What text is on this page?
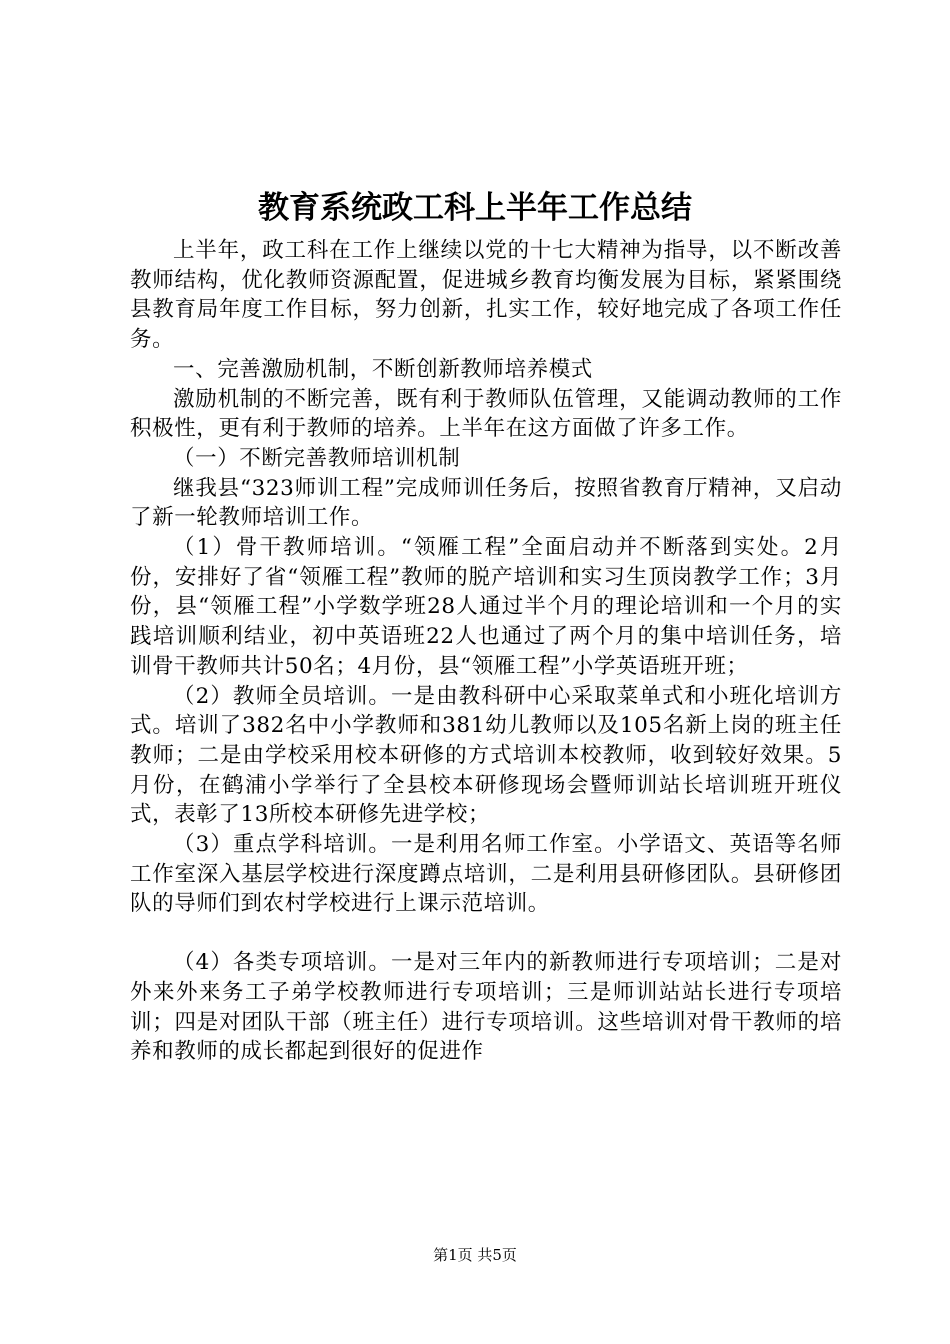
教育系统政工科上半年工作总结

上半年，政工科在工作上继续以党的十七大精神为指导，以不断改善教师结构，优化教师资源配置，促进城乡教育均衡发展为目标，紧紧围绕县教育局年度工作目标，努力创新，扎实工作，较好地完成了各项工作任务。

一、完善激励机制，不断创新教师培养模式

激励机制的不断完善，既有利于教师队伍管理，又能调动教师的工作积极性，更有利于教师的培养。上半年在这方面做了许多工作。

（一）不断完善教师培训机制

继我县“323师训工程”完成师训任务后，按照省教育厅精神，又启动了新一轮教师培训工作。

（1）骨干教师培训。“领雁工程”全面启动并不断落到实处。2月份，安排好了省“领雁工程”教师的脱产培训和实习生顶岗教学工作；3月份，县“领雁工程”小学数学班28人通过半个月的理论培训和一个月的实践培训顺利结业，初中英语班22人也通过了两个月的集中培训任务，培训骨干教师共计50名；4月份，县“领雁工程”小学英语班开班；

（2）教师全员培训。一是由教科研中心采取菜单式和小班化培训方式。培训了382名中小学教师和381幼儿教师以及105名新上岗的班主任教师；二是由学校采用校本研修的方式培训本校教师，收到较好效果。5月份，在鹤浦小学举行了全县校本研修现场会暨师训站长培训班开班仪式，表彰了13所校本研修先进学校；

（3）重点学科培训。一是利用名师工作室。小学语文、英语等名师工作室深入基层学校进行深度蹲点培训，二是利用县研修团队。县研修团队的导师们到农村学校进行上课示范培训。

（4）各类专项培训。一是对三年内的新教师进行专项培训；二是对外来外来务工子弟学校教师进行专项培训；三是师训站站长进行专项培训；四是对团队干部（班主任）进行专项培训。这些培训对骨干教师的培养和教师的成长都起到很好的促进作

第1页 共5页
